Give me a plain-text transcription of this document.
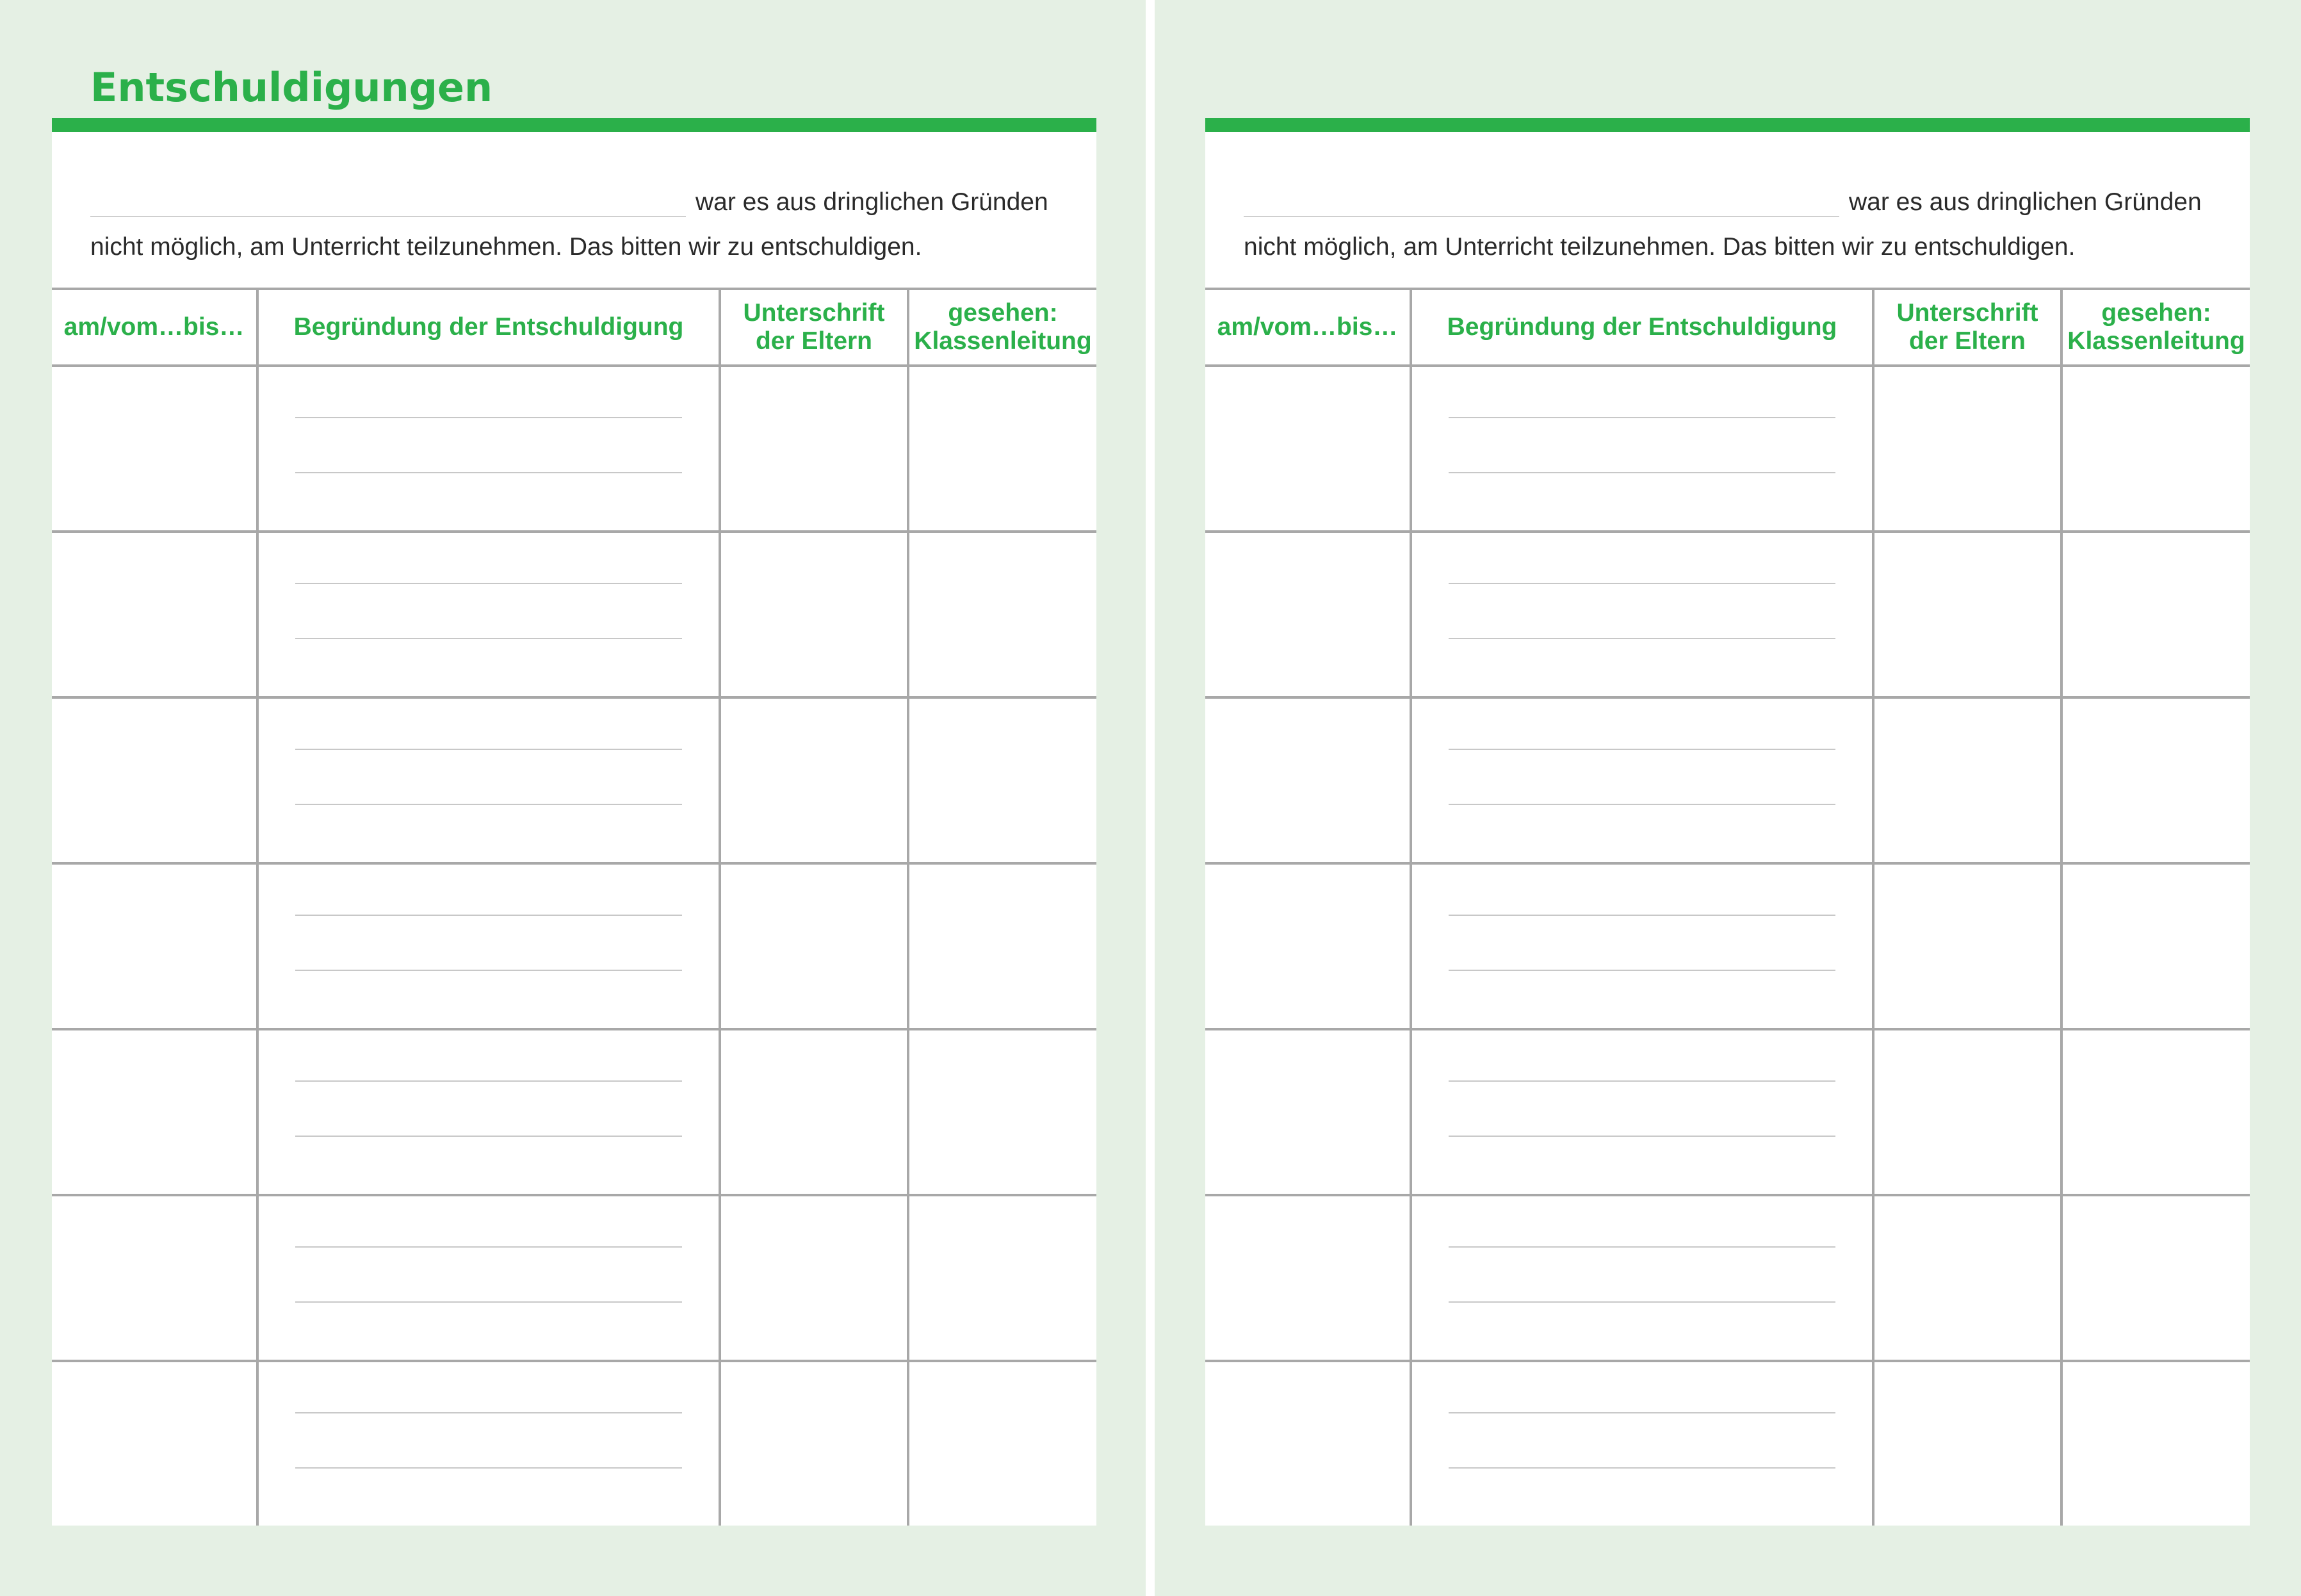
Entschuldigungen
war es aus dringlichen Gründen
nicht möglich, am Unterricht teilzunehmen. Das bitten wir zu entschuldigen.
am/vom…bis…	Begründung der Entschuldigung
Unterschrift
der Eltern
gesehen:
Klassenleitung
war es aus dringlichen Gründen
nicht möglich, am Unterricht teilzunehmen. Das bitten wir zu entschuldigen.
am/vom…bis…	Begründung der Entschuldigung
Unterschrift
der Eltern
gesehen:
Klassenleitung
